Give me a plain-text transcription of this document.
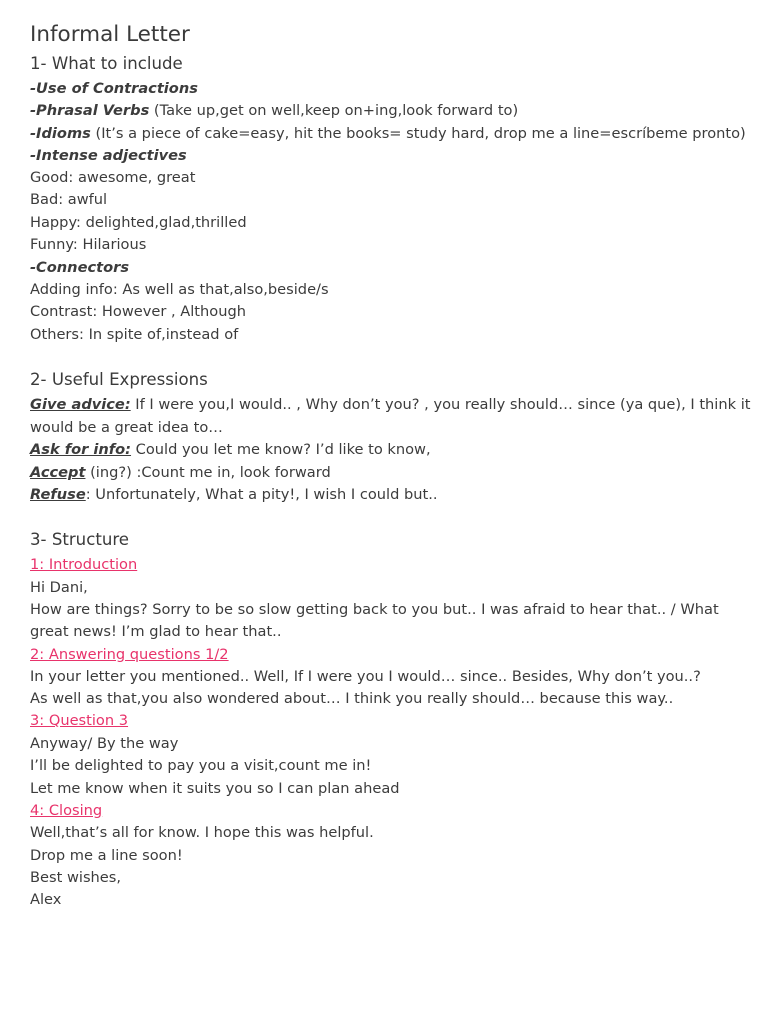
Informal Letter
1- What to include

-Use of Contractions

-Phrasal Verbs (Take up,get on well,keep on+ing,look forward to)

-Idioms (It’s a piece of cake=easy, hit the books= study hard, drop me a line=escríbeme pronto)

-Intense adjectives

Good: awesome, great

Bad: awful

Happy: delighted,glad,thrilled

Funny: Hilarious

-Connectors

Adding info: As well as that,also,beside/s

Contrast: However , Although

Others: In spite of,instead of

2- Useful Expressions

Give advice: If I were you,I would.. , Why don’t you? , you really should… since (ya que), I think it

would be a great idea to…

Ask for info: Could you let me know? I’d like to know,

Accept (ing?) :Count me in, look forward

Refuse: Unfortunately, What a pity!, I wish I could but..

3- Structure

1: Introduction

Hi Dani,

How are things? Sorry to be so slow getting back to you but.. I was afraid to hear that.. / What

great news! I’m glad to hear that..

2: Answering questions 1/2

In your letter you mentioned.. Well, If I were you I would… since.. Besides, Why don’t you..?

As well as that,you also wondered about… I think you really should… because this way..

3: Question 3

Anyway/ By the way

I’ll be delighted to pay you a visit,count me in!

Let me know when it suits you so I can plan ahead

4: Closing

Well,that’s all for know. I hope this was helpful.

Drop me a line soon!

Best wishes,

Alex
